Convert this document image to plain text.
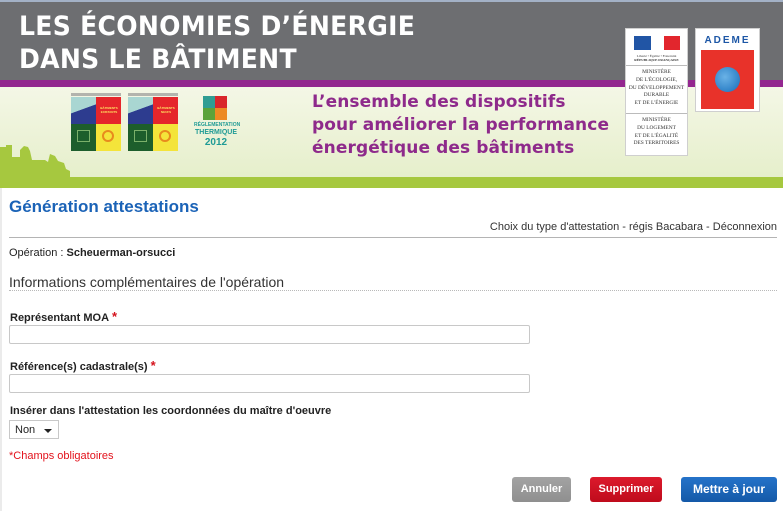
LES ÉCONOMIES D’ÉNERGIE
DANS LE BÂTIMENT
BÂTIMENTS EXISTANTS
BÂTIMENTS NEUFS
RÉGLEMENTATION
THERMIQUE
2012
L’ensemble des dispositifs
pour améliorer la performance
énergétique des bâtiments
Liberté • Égalité • Fraternité
RÉPUBLIQUE FRANÇAISE
MINISTÈRE
DE L'ÉCOLOGIE,
DU DÉVELOPPEMENT
DURABLE
ET DE L'ÉNERGIE
MINISTÈRE
DU LOGEMENT
ET DE L'ÉGALITÉ
DES TERRITOIRES
ADEME
Génération attestations
Choix du type d'attestation - régis Bacabara - Déconnexion
Opération : Scheuerman-orsucci
Informations complémentaires de l'opération
Représentant MOA *
Référence(s) cadastrale(s) *
Insérer dans l'attestation les coordonnées du maître d'oeuvre
Non
*Champs obligatoires
Annuler	Supprimer	Mettre à jour
